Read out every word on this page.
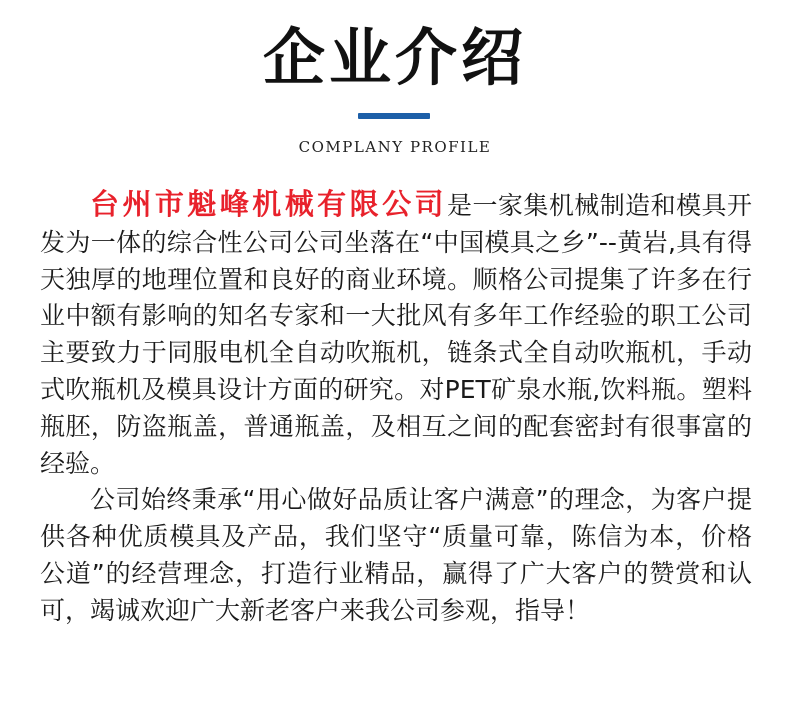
企业介绍
COMPLANY PROFILE

台州市魁峰机械有限公司是一家集机械制造和模具开发为一体的综合性公司公司坐落在“中国模具之乡”--黄岩,具有得天独厚的地理位置和良好的商业环境。顺格公司提集了许多在行业中额有影响的知名专家和一大批风有多年工作经验的职工公司主要致力于同服电机全自动吹瓶机，链条式全自动吹瓶机，手动式吹瓶机及模具设计方面的研究。对PET矿泉水瓶,饮料瓶。塑料瓶胚，防盗瓶盖，普通瓶盖，及相互之间的配套密封有很事富的经验。

公司始终秉承“用心做好品质让客户满意”的理念，为客户提供各种优质模具及产品，我们坚守“质量可靠，陈信为本，价格公道”的经营理念，打造行业精品，赢得了广大客户的赞赏和认可，竭诚欢迎广大新老客户来我公司参观，指导！
